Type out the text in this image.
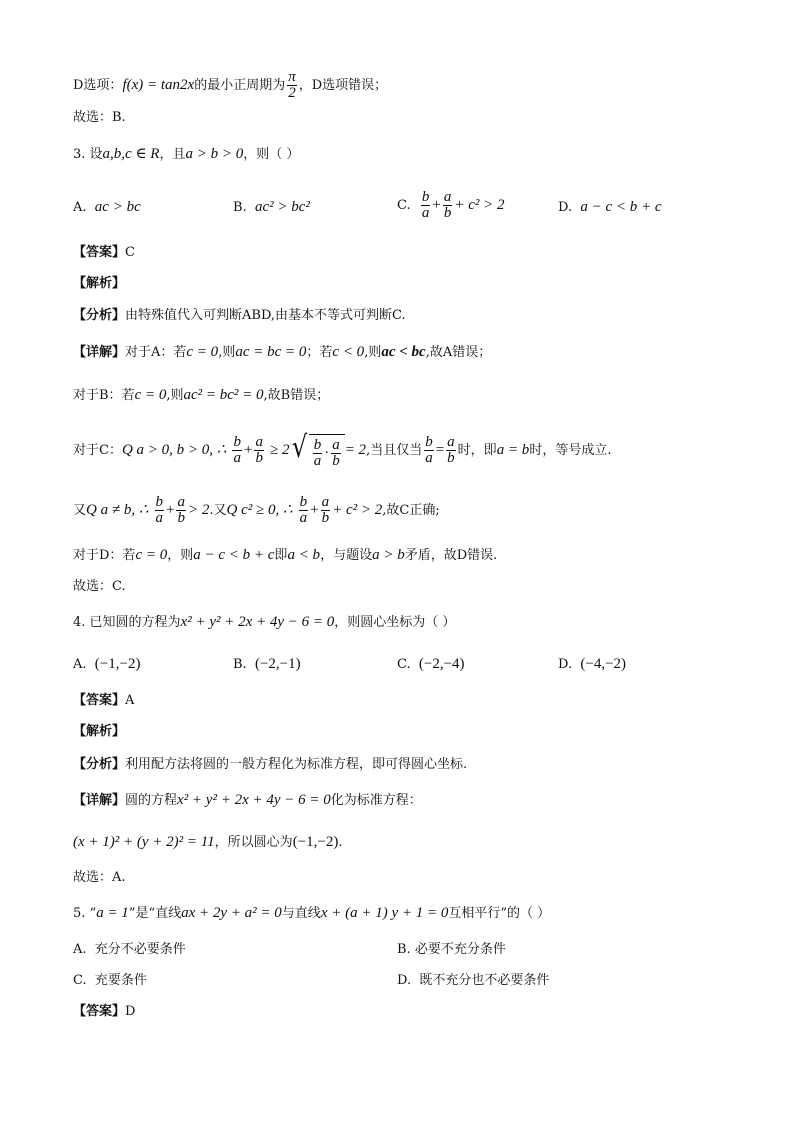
D选项：f(x) = tan2x的最小正周期为 $\frac{\pi}{2}$ ，D选项错误；
故选：B.
3. 设a,b,c ∈ R，且a > b > 0，则（ ）
A. ac > bc	B. ac² > bc²	C. $\frac{b}{a} + \frac{a}{b} + c^2 > 2$	D. a − c < b + c
【答案】C
【解析】
【分析】由特殊值代入可判断ABD,由基本不等式可判断C.
【详解】对于A：若c = 0,则ac = bc = 0；若c < 0,则ac < bc,故A错误；
对于B：若c = 0,则ac² = bc² = 0,故B错误；
对于C：Q a > 0, b > 0, ∴ $\frac{b}{a} + \frac{a}{b} \ge 2$ √ $\frac{b}{a} \cdot \frac{a}{b} = 2$,当且仅当 $\frac{b}{a} = \frac{a}{b}$ 时，即a = b时，等号成立.
又Q a ≠ b, ∴ $\frac{b}{a} + \frac{a}{b} > 2$.又Q c² ≥ 0, ∴ $\frac{b}{a} + \frac{a}{b} + c^2 > 2$,故C正确;
对于D：若c = 0，则a − c < b + c即a < b，与题设a > b矛盾，故D错误.
故选：C.
4. 已知圆的方程为x² + y² + 2x + 4y − 6 = 0，则圆心坐标为（ ）
A. (−1,−2)	B. (−2,−1)	C. (−2,−4)	D. (−4,−2)
【答案】A
【解析】
【分析】利用配方法将圆的一般方程化为标准方程，即可得圆心坐标.
【详解】圆的方程x² + y² + 2x + 4y − 6 = 0化为标准方程：
(x + 1)² + (y + 2)² = 11，所以圆心为(−1,−2).
故选：A.
5. “a = 1”是“直线ax + 2y + a² = 0与直线x + (a + 1) y + 1 = 0互相平行”的（ ）
A. 充分不必要条件	B. 必要不充分条件
C. 充要条件	D. 既不充分也不必要条件
【答案】D
